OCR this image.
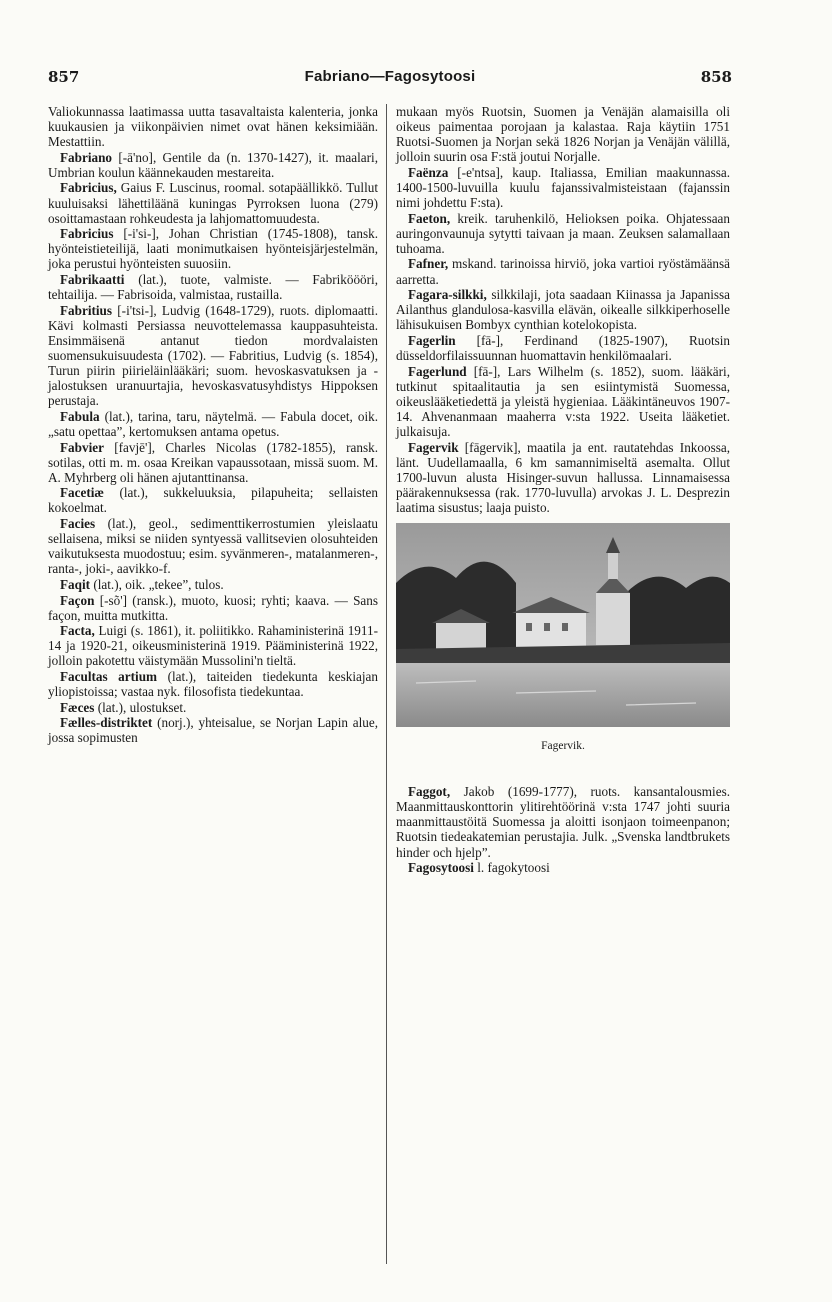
857	Fabriano—Fagosytoosi	858

Valiokunnassa laatimassa uutta tasavaltaista kalenteria, jonka kuukausien ja viikonpäivien nimet ovat hänen keksimiään. Mestattiin.

Fabriano [-ā'no], Gentile da (n. 1370-1427), it. maalari, Umbrian koulun käännekauden mestareita.

Fabricius, Gaius F. Luscinus, roomal. sotapäällikkö. Tullut kuuluisaksi lähettiläänä kuningas Pyrroksen luona (279) osoittamastaan rohkeudesta ja lahjomattomuudesta.

Fabricius [-i'si-], Johan Christian (1745-1808), tansk. hyönteistieteilijä, laati monimutkaisen hyönteisjärjestelmän, joka perustui hyönteisten suuosiin.

Fabrikaatti (lat.), tuote, valmiste. — Fabriköööri, tehtailija. — Fabrisoida, valmistaa, rustailla.

Fabritius [-i'tsi-], Ludvig (1648-1729), ruots. diplomaatti. Kävi kolmasti Persiassa neuvottelemassa kauppasuhteista. Ensimmäisenä antanut tiedon mordvalaisten suomensukuisuudesta (1702). — Fabritius, Ludvig (s. 1854), Turun piirin piirieläinlääkäri; suom. hevoskasvatuksen ja -jalostuksen uranuurtajia, hevoskasvatusyhdistys Hippoksen perustaja.

Fabula (lat.), tarina, taru, näytelmä. — Fabula docet, oik. „satu opettaa”, kertomuksen antama opetus.

Fabvier [favjē'], Charles Nicolas (1782-1855), ransk. sotilas, otti m. m. osaa Kreikan vapaussotaan, missä suom. M. A. Myhrberg oli hänen ajutanttinansa.

Facetiæ (lat.), sukkeluuksia, pilapuheita; sellaisten kokoelmat.

Facies (lat.), geol., sedimenttikerrostumien yleislaatu sellaisena, miksi se niiden syntyessä vallitsevien olosuhteiden vaikutuksesta muodostuu; esim. syvänmeren-, matalanmeren-, ranta-, joki-, aavikko-f.

Faqit (lat.), oik. „tekee”, tulos.

Façon [-sõ'] (ransk.), muoto, kuosi; ryhti; kaava. — Sans façon, muitta mutkitta.

Facta, Luigi (s. 1861), it. poliitikko. Rahaministerinä 1911-14 ja 1920-21, oikeusministerinä 1919. Pääministerinä 1922, jolloin pakotettu väistymään Mussolini'n tieltä.

Facultas artium (lat.), taiteiden tiedekunta keskiajan yliopistoissa; vastaa nyk. filosofista tiedekuntaa.

Fæces (lat.), ulostukset.

Fælles-distriktet (norj.), yhteisalue, se Norjan Lapin alue, jossa sopimusten

mukaan myös Ruotsin, Suomen ja Venäjän alamaisilla oli oikeus paimentaa porojaan ja kalastaa. Raja käytiin 1751 Ruotsi-Suomen ja Norjan sekä 1826 Norjan ja Venäjän välillä, jolloin suurin osa F:stä joutui Norjalle.

Faënza [-e'ntsa], kaup. Italiassa, Emilian maakunnassa. 1400-1500-luvuilla kuulu fajanssivalmisteistaan (fajanssin nimi johdettu F:sta).

Faeton, kreik. taruhenkilö, Helioksen poika. Ohjatessaan auringonvaunuja sytytti taivaan ja maan. Zeuksen salamallaan tuhoama.

Fafner, mskand. tarinoissa hirviö, joka vartioi ryöstämäänsä aarretta.

Fagara-silkki, silkkilaji, jota saadaan Kiinassa ja Japanissa Ailanthus glandulosa-kasvilla elävän, oikealle silkkiperhoselle lähisukuisen Bombyx cynthian kotelokopista.

Fagerlin [fā-], Ferdinand (1825-1907), Ruotsin düsseldorfilaissuunnan huomattavin henkilömaalari.

Fagerlund [fā-], Lars Wilhelm (s. 1852), suom. lääkäri, tutkinut spitaalitautia ja sen esiintymistä Suomessa, oikeuslääketiedettä ja yleistä hygieniaa. Lääkintäneuvos 1907-14. Ahvenanmaan maaherra v:sta 1922. Useita lääketiet. julkaisuja.

Fagervik [fāgervik], maatila ja ent. rautatehdas Inkoossa, länt. Uudellamaalla, 6 km samannimiseltä asemalta. Ollut 1700-luvun alusta Hisinger-suvun hallussa. Linnamaisessa päärakennuksessa (rak. 1770-luvulla) arvokas J. L. Desprezin laatima sisustus; laaja puisto.

Fagervik.

Faggot, Jakob (1699-1777), ruots. kansantalousmies. Maanmittauskonttorin ylitirehtöörinä v:sta 1747 johti suuria maanmittaustöitä Suomessa ja aloitti isonjaon toimeenpanon; Ruotsin tiedeakatemian perustajia. Julk. „Svenska landtbrukets hinder och hjelp”.

Fagosytoosi l. fagokytoosi
